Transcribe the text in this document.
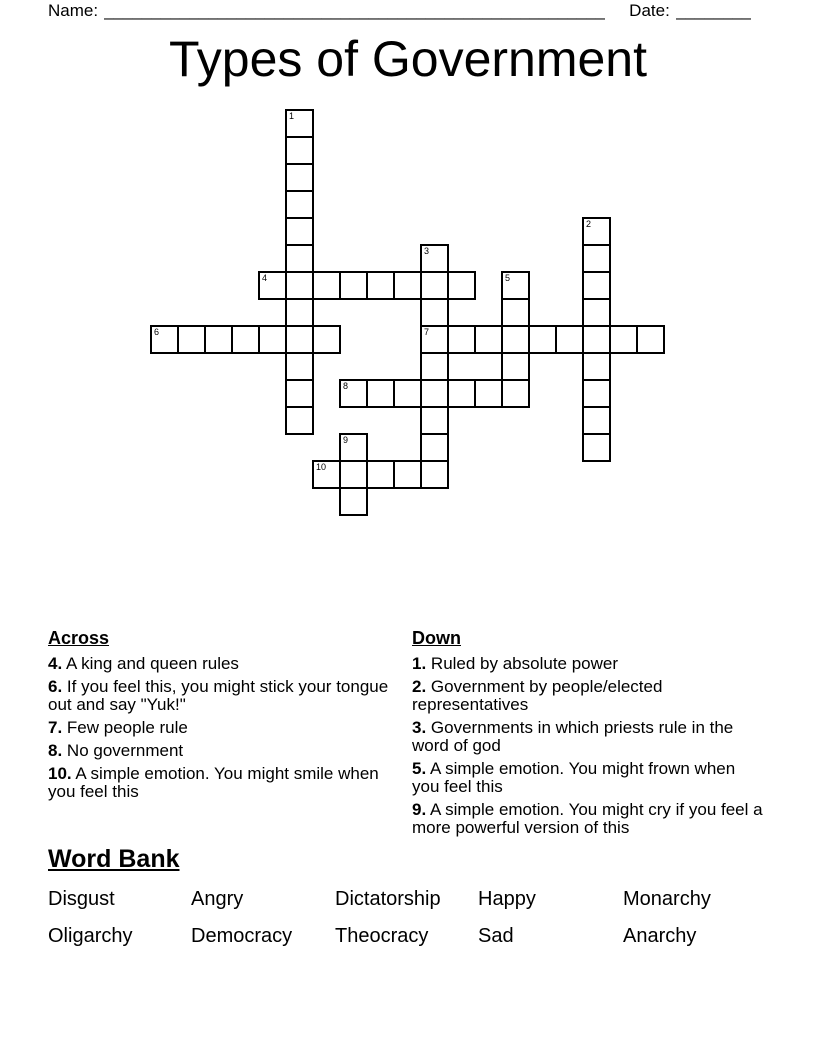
Name: _____________________________________________________ Date: ________
Types of Government
1
2
3
7
4	5
6
8
9
10
Across
4. A king and queen rules
6. If you feel this, you might stick your tongue out and say "Yuk!"
7. Few people rule
8. No government
10. A simple emotion. You might smile when you feel this
Down
1. Ruled by absolute power
2. Government by people/elected representatives
3. Governments in which priests rule in the word of god
5. A simple emotion. You might frown when you feel this
9. A simple emotion. You might cry if you feel a more powerful version of this
Word Bank
Disgust	Angry	Dictatorship	Happy	Monarchy
Oligarchy	Democracy	Theocracy	Sad	Anarchy
